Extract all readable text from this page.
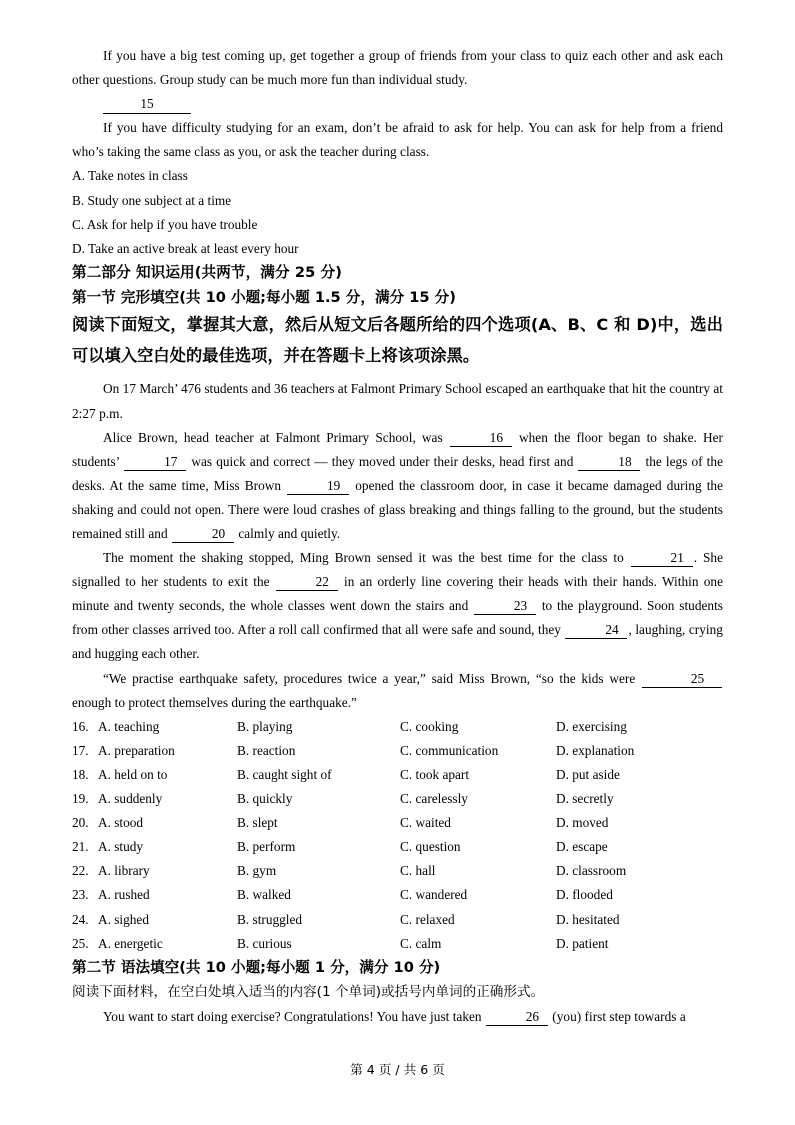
If you have a big test coming up, get together a group of friends from your class to quiz each other and ask each other questions. Group study can be much more fun than individual study.

15

If you have difficulty studying for an exam, don’t be afraid to ask for help. You can ask for help from a friend who’s taking the same class as you, or ask the teacher during class.

A. Take notes in class

B. Study one subject at a time

C. Ask for help if you have trouble

D. Take an active break at least every hour

第二部分 知识运用(共两节，满分 25 分)

第一节 完形填空(共 10 小题;每小题 1.5 分，满分 15 分)

阅读下面短文，掌握其大意，然后从短文后各题所给的四个选项(A、B、C 和 D)中，选出可以填入空白处的最佳选项，并在答题卡上将该项涂黑。

On 17 March’ 476 students and 36 teachers at Falmont Primary School escaped an earthquake that hit the country at 2:27 p.m.

Alice Brown, head teacher at Falmont Primary School, was	16 when the floor began to shake. Her students’	17 was quick and correct — they moved under their desks, head first and	18 the legs of the desks. At the same time, Miss Brown	19 opened the classroom door, in case it became damaged during the shaking and could not open. There were loud crashes of glass breaking and things falling to the ground, but the students remained still and	20 calmly and quietly.

The moment the shaking stopped, Ming Brown sensed it was the best time for the class to	21 . She signalled to her students to exit the	22 in an orderly line covering their heads with their hands. Within one minute and twenty seconds, the whole classes went down the stairs and	23 to the playground. Soon students from other classes arrived too. After a roll call confirmed that all were safe and sound, they	24 , laughing, crying and hugging each other.

“We practise earthquake safety, procedures twice a year,” said Miss Brown, “so the kids were	25 enough to protect themselves during the earthquake.”

16.	A. teaching	B. playing	C. cooking	D. exercising
17.	A. preparation	B. reaction	C. communication	D. explanation
18.	A. held on to	B. caught sight of	C. took apart	D. put aside
19.	A. suddenly	B. quickly	C. carelessly	D. secretly
20.	A. stood	B. slept	C. waited	D. moved
21.	A. study	B. perform	C. question	D. escape
22.	A. library	B. gym	C. hall	D. classroom
23.	A. rushed	B. walked	C. wandered	D. flooded
24.	A. sighed	B. struggled	C. relaxed	D. hesitated
25.	A. energetic	B. curious	C. calm	D. patient

第二节 语法填空(共 10 小题;每小题 1 分，满分 10 分)

阅读下面材料，在空白处填入适当的内容(1 个单词)或括号内单词的正确形式。

You want to start doing exercise? Congratulations! You have just taken	26 (you) first step towards a

第 4 页 / 共 6 页
